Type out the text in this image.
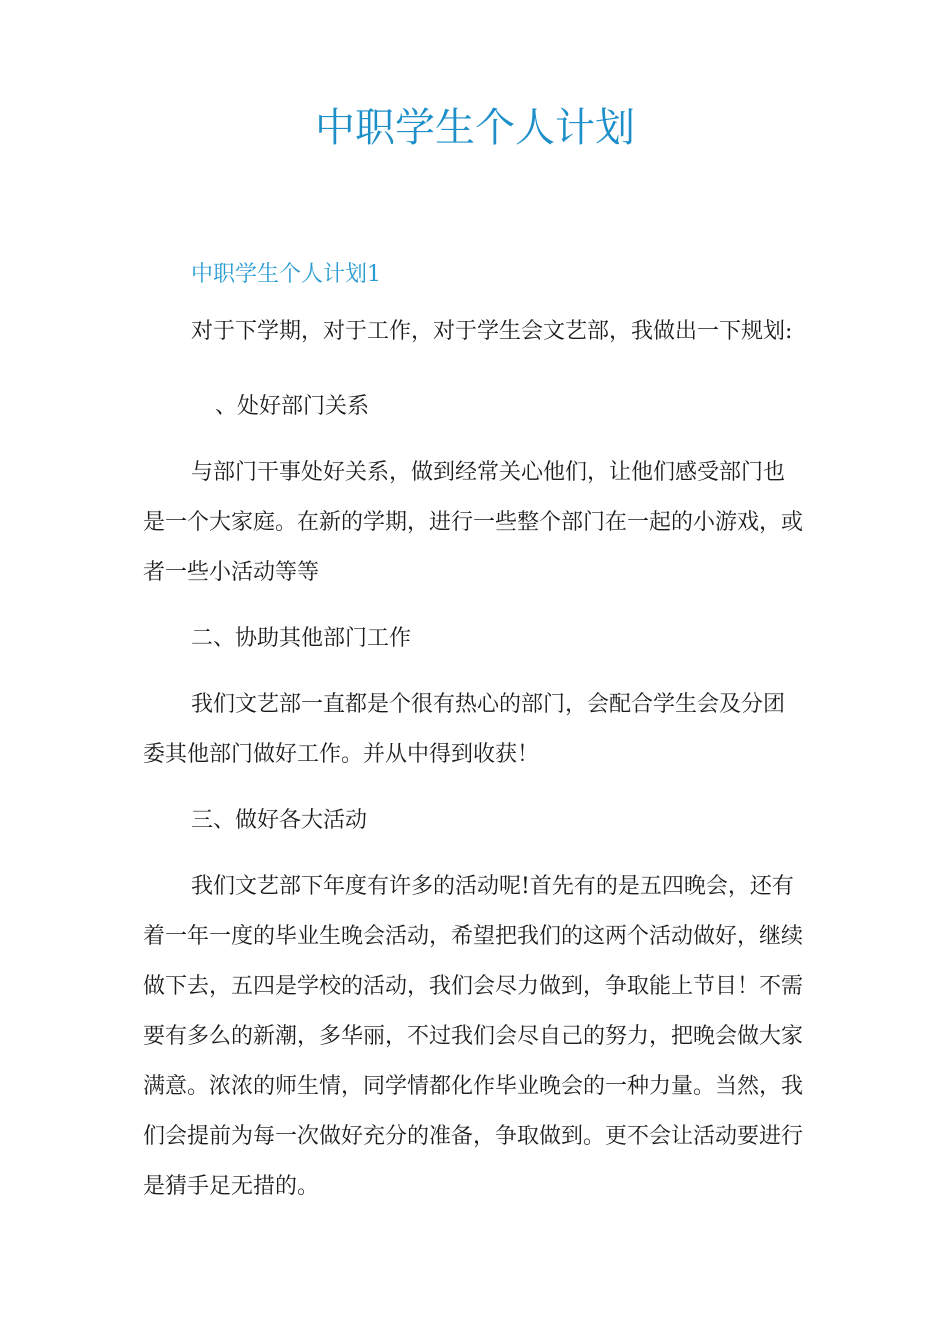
中职学生个人计划

中职学生个人计划1

对于下学期，对于工作，对于学生会文艺部，我做出一下规划:

、处好部门关系

与部门干事处好关系，做到经常关心他们，让他们感受部门也是一个大家庭。在新的学期，进行一些整个部门在一起的小游戏，或者一些小活动等等

二、协助其他部门工作

我们文艺部一直都是个很有热心的部门，会配合学生会及分团委其他部门做好工作。并从中得到收获！

三、做好各大活动

我们文艺部下年度有许多的活动呢!首先有的是五四晚会，还有着一年一度的毕业生晚会活动，希望把我们的这两个活动做好，继续做下去，五四是学校的活动，我们会尽力做到，争取能上节目！不需要有多么的新潮，多华丽，不过我们会尽自己的努力，把晚会做大家满意。浓浓的师生情，同学情都化作毕业晚会的一种力量。当然，我们会提前为每一次做好充分的准备，争取做到。更不会让活动要进行是猜手足无措的。
